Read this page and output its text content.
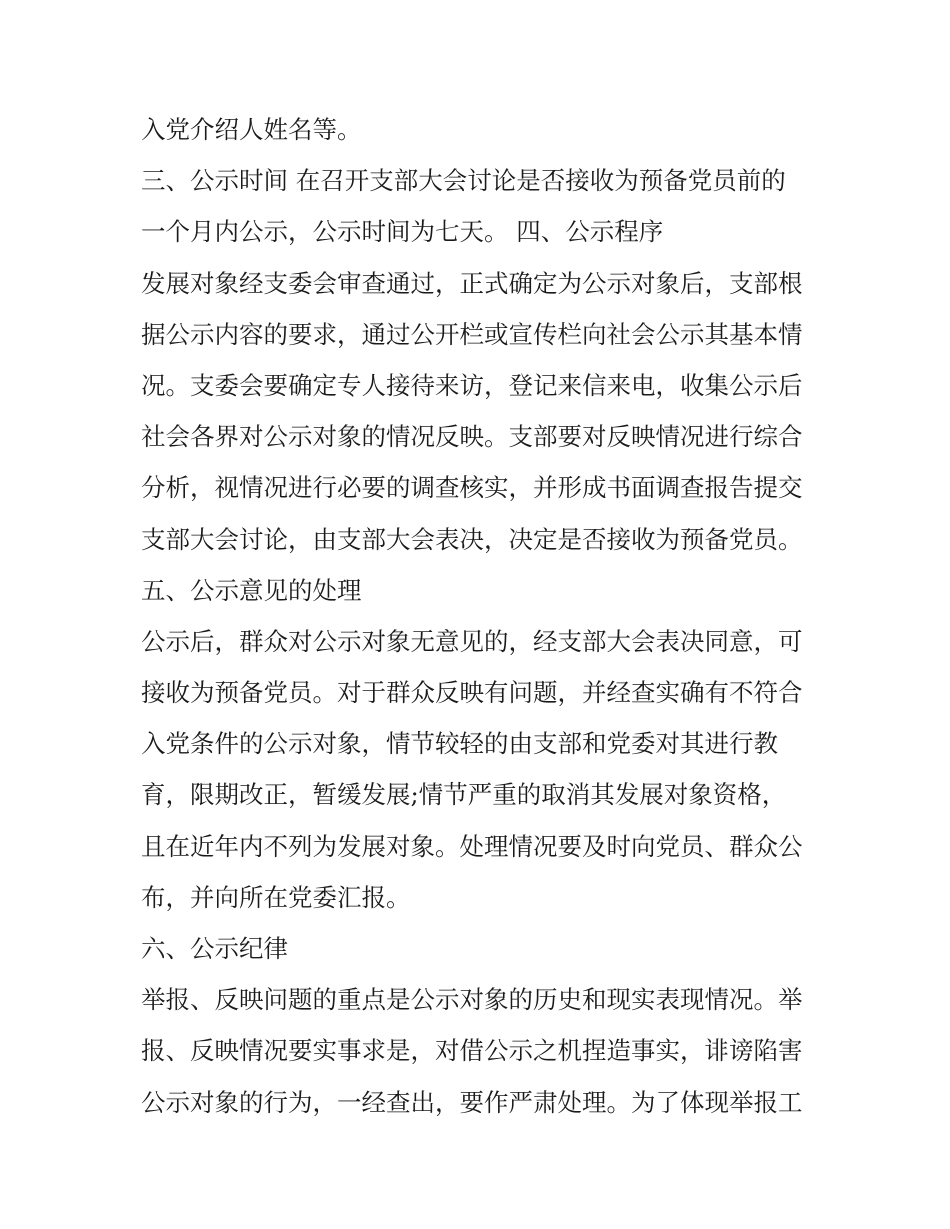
入党介绍人姓名等。
三、公示时间 在召开支部大会讨论是否接收为预备党员前的
一个月内公示，公示时间为七天。 四、公示程序
发展对象经支委会审查通过，正式确定为公示对象后，支部根
据公示内容的要求，通过公开栏或宣传栏向社会公示其基本情
况。支委会要确定专人接待来访，登记来信来电，收集公示后
社会各界对公示对象的情况反映。支部要对反映情况进行综合
分析，视情况进行必要的调查核实，并形成书面调查报告提交
支部大会讨论，由支部大会表决，决定是否接收为预备党员。
五、公示意见的处理
公示后，群众对公示对象无意见的，经支部大会表决同意，可
接收为预备党员。对于群众反映有问题，并经查实确有不符合
入党条件的公示对象，情节较轻的由支部和党委对其进行教
育，限期改正，暂缓发展;情节严重的取消其发展对象资格，
且在近年内不列为发展对象。处理情况要及时向党员、群众公
布，并向所在党委汇报。
六、公示纪律
举报、反映问题的重点是公示对象的历史和现实表现情况。举
报、反映情况要实事求是，对借公示之机捏造事实，诽谤陷害
公示对象的行为，一经查出，要作严肃处理。为了体现举报工
